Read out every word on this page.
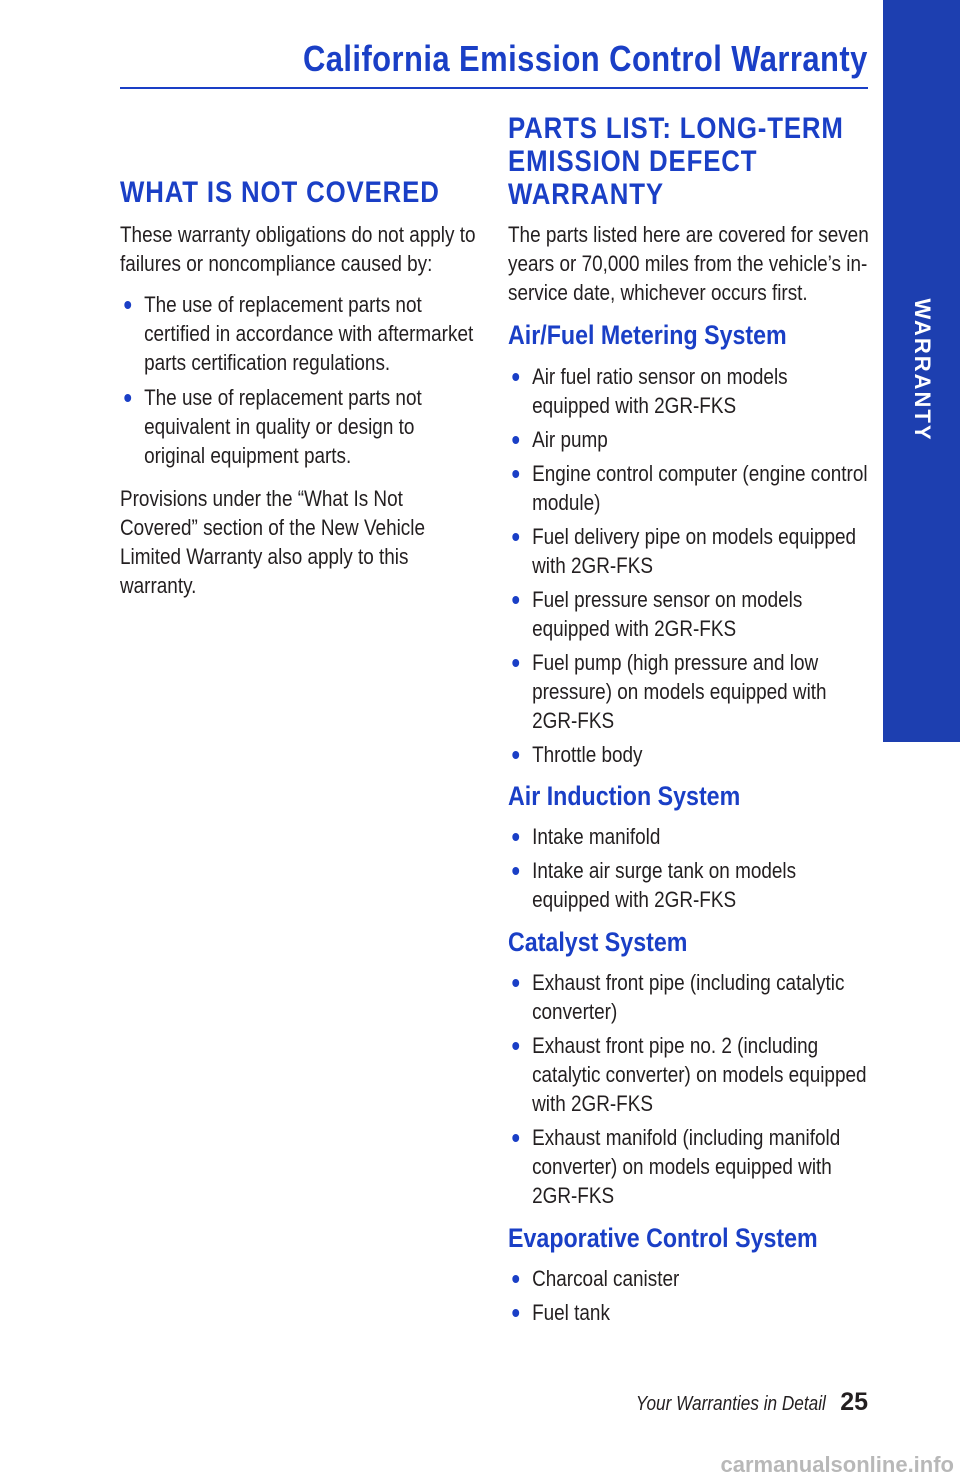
California Emission Control Warranty
WARRANTY
WHAT IS NOT COVERED

These warranty obligations do not apply to failures or noncompliance caused by:

The use of replacement parts not certified in accordance with aftermarket parts certification regulations.
The use of replacement parts not equivalent in quality or design to original equipment parts.

Provisions under the “What Is Not Covered” section of the New Vehicle Limited Warranty also apply to this warranty.

PARTS LIST: LONG-TERM EMISSION DEFECT WARRANTY

The parts listed here are covered for seven years or 70,000 miles from the vehicle’s in-service date, whichever occurs first.

Air/Fuel Metering System
Air fuel ratio sensor on models equipped with 2GR-FKS
Air pump
Engine control computer (engine control module)
Fuel delivery pipe on models equipped with 2GR-FKS
Fuel pressure sensor on models equipped with 2GR-FKS
Fuel pump (high pressure and low pressure) on models equipped with 2GR-FKS
Throttle body
Air Induction System
Intake manifold
Intake air surge tank on models equipped with 2GR-FKS
Catalyst System
Exhaust front pipe (including catalytic converter)
Exhaust front pipe no. 2 (including catalytic converter) on models equipped with 2GR-FKS
Exhaust manifold (including manifold converter) on models equipped with 2GR-FKS
Evaporative Control System
Charcoal canister
Fuel tank
Your Warranties in Detail 25
carmanualsonline.info
